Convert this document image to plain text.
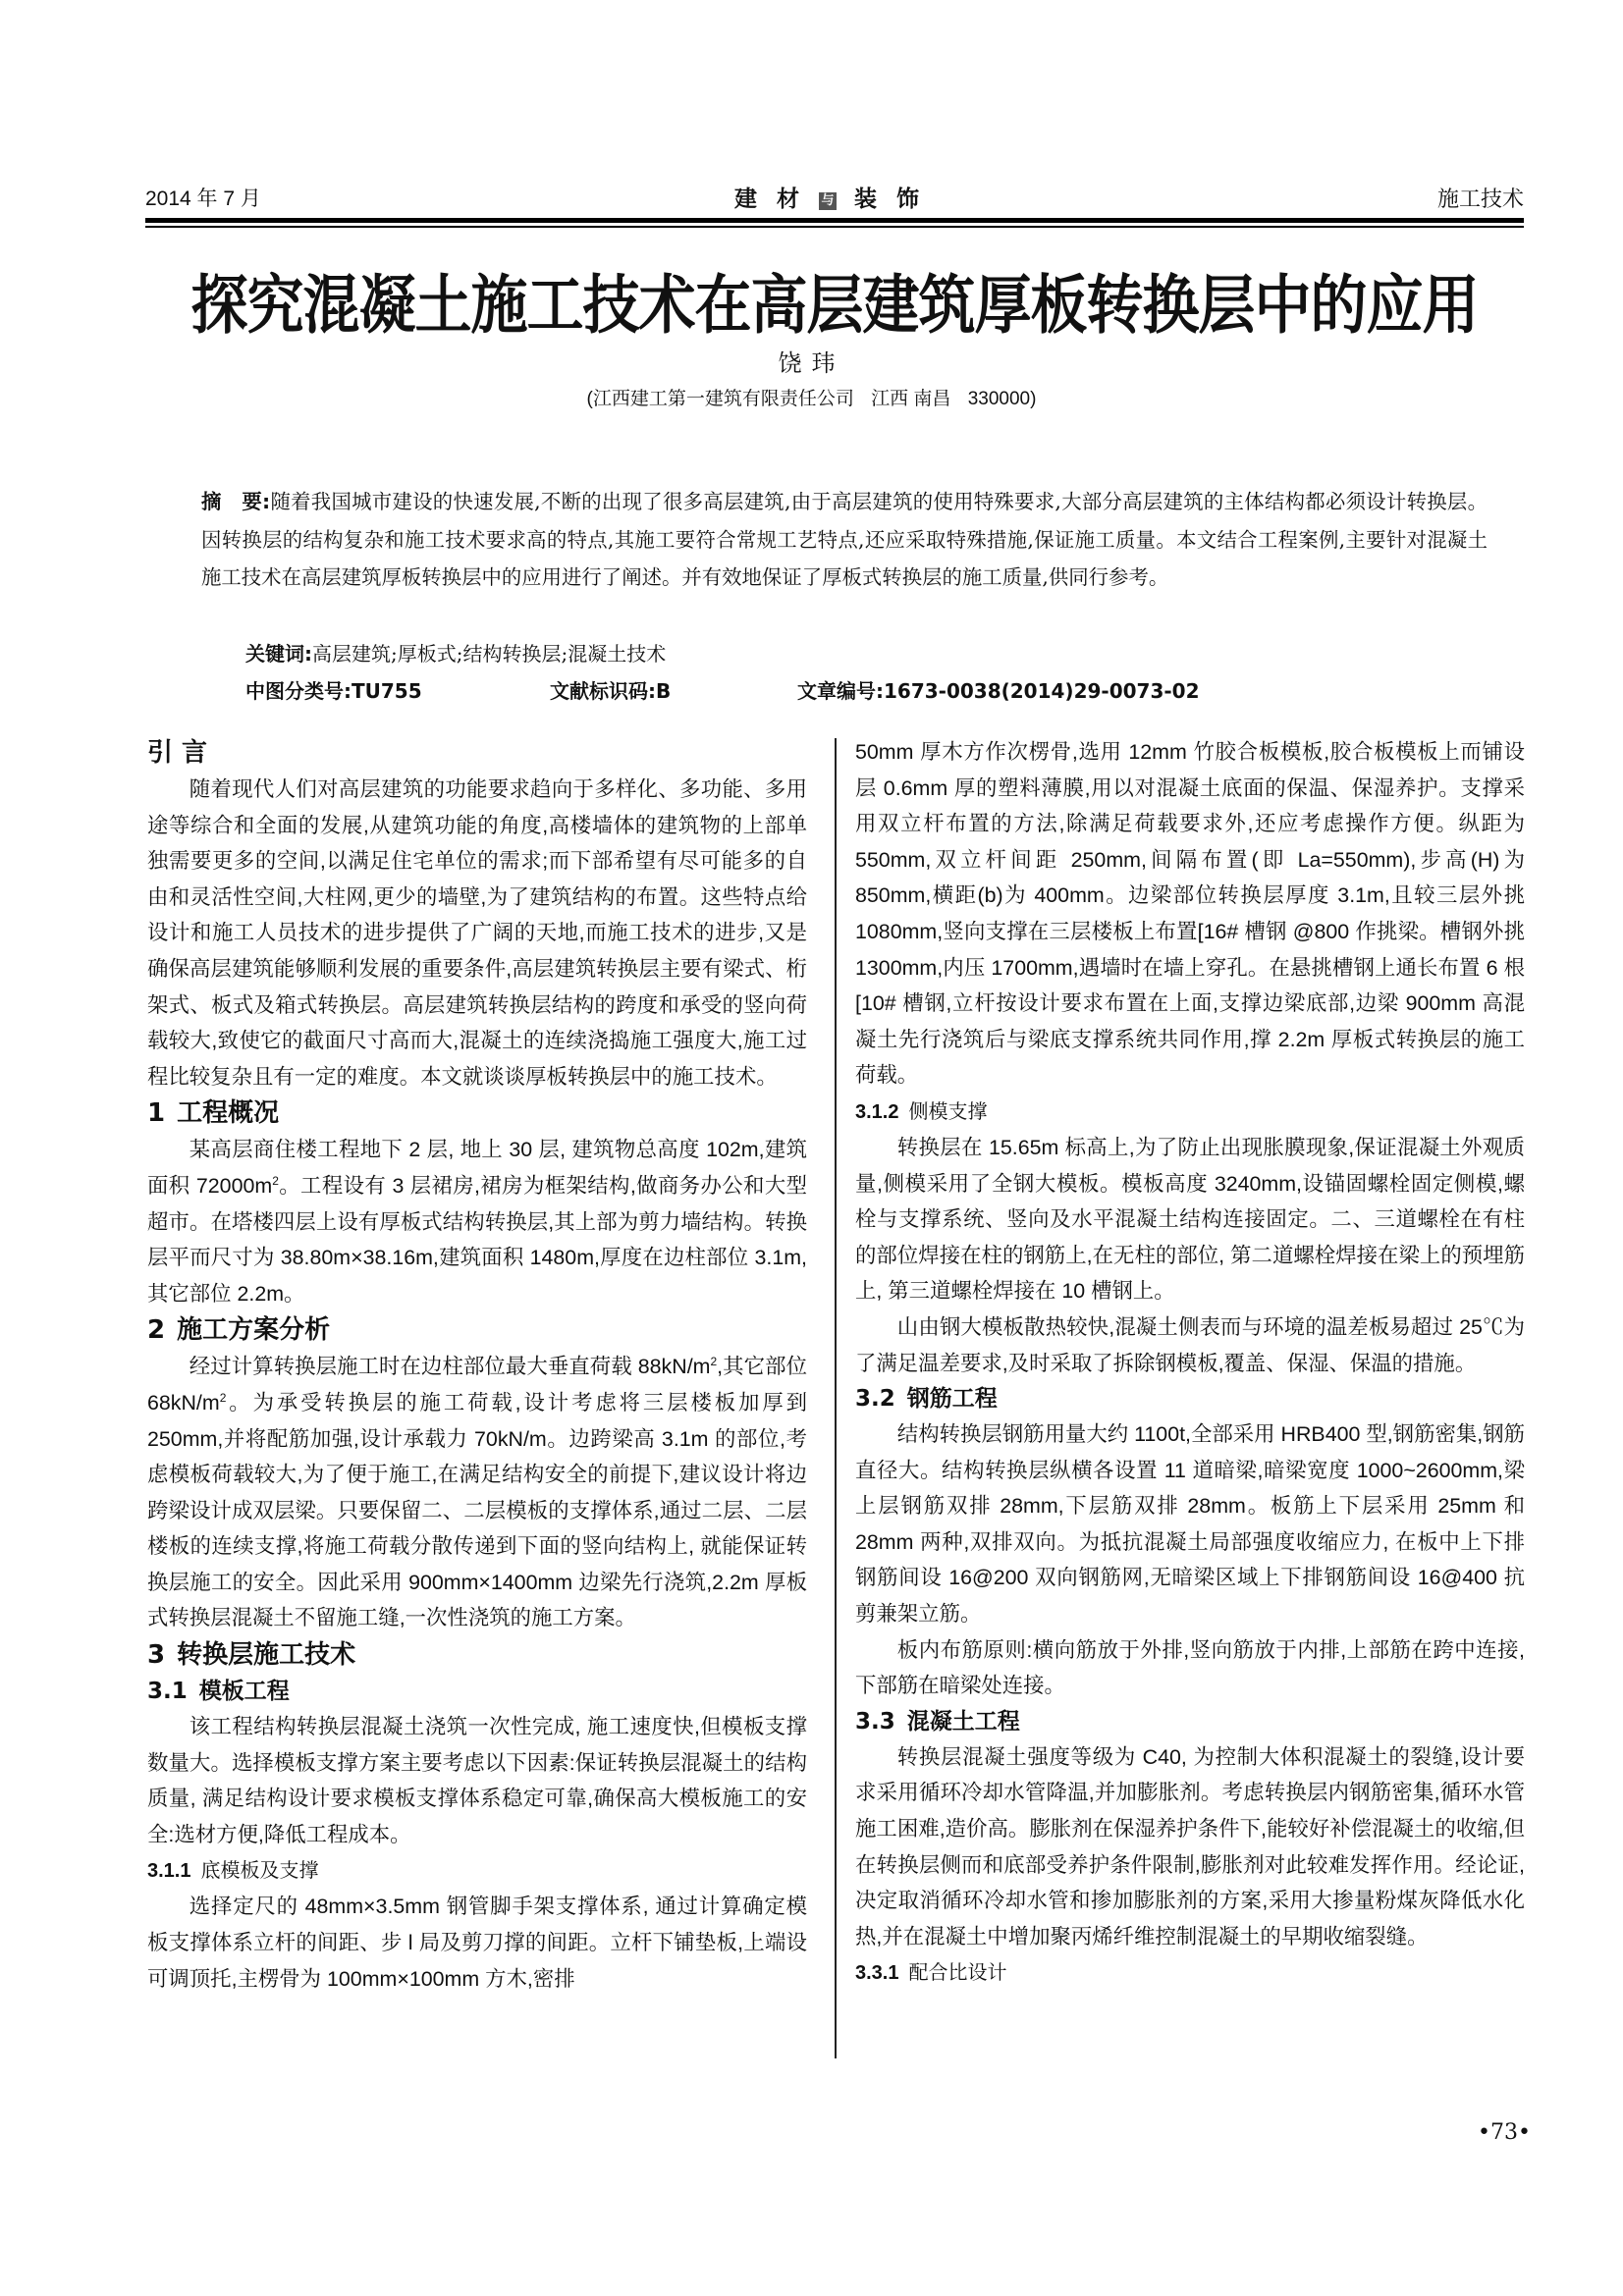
2014 年 7 月	建 材 与 装 饰	施工技术
探究混凝土施工技术在高层建筑厚板转换层中的应用
饶玮
(江西建工第一建筑有限责任公司 江西 南昌 330000)
摘　要:随着我国城市建设的快速发展,不断的出现了很多高层建筑,由于高层建筑的使用特殊要求,大部分高层建筑的主体结构都必须设计转换层。因转换层的结构复杂和施工技术要求高的特点,其施工要符合常规工艺特点,还应采取特殊措施,保证施工质量。本文结合工程案例,主要针对混凝土施工技术在高层建筑厚板转换层中的应用进行了阐述。并有效地保证了厚板式转换层的施工质量,供同行参考。
关键词:高层建筑;厚板式;结构转换层;混凝土技术
中图分类号:TU755	文献标识码:B	文章编号:1673-0038(2014)29-0073-02
引 言

随着现代人们对高层建筑的功能要求趋向于多样化、多功能、多用途等综合和全面的发展,从建筑功能的角度,高楼墙体的建筑物的上部单独需要更多的空间,以满足住宅单位的需求;而下部希望有尽可能多的自由和灵活性空间,大柱网,更少的墙壁,为了建筑结构的布置。这些特点给设计和施工人员技术的进步提供了广阔的天地,而施工技术的进步,又是确保高层建筑能够顺利发展的重要条件,高层建筑转换层主要有梁式、桁架式、板式及箱式转换层。高层建筑转换层结构的跨度和承受的竖向荷载较大,致使它的截面尺寸高而大,混凝土的连续浇捣施工强度大,施工过程比较复杂且有一定的难度。本文就谈谈厚板转换层中的施工技术。

1 工程概况

某高层商住楼工程地下 2 层, 地上 30 层, 建筑物总高度 102m,建筑面积 $72000m^2$。工程设有 3 层裙房,裙房为框架结构,做商务办公和大型超市。在塔楼四层上设有厚板式结构转换层,其上部为剪力墙结构。转换层平而尺寸为 38.80m×38.16m,建筑面积 1480m,厚度在边柱部位 3.1m,其它部位 2.2m。

2 施工方案分析

经过计算转换层施工时在边柱部位最大垂直荷载 $88kN/m^2$,其它部位 $68kN/m^2$。为承受转换层的施工荷载,设计考虑将三层楼板加厚到 250mm,并将配筋加强,设计承载力 70kN/m。边跨梁高 3.1m 的部位,考虑模板荷载较大,为了便于施工,在满足结构安全的前提下,建议设计将边跨梁设计成双层梁。只要保留二、二层模板的支撑体系,通过二层、二层楼板的连续支撑,将施工荷载分散传递到下面的竖向结构上, 就能保证转换层施工的安全。因此采用 900mm×1400mm 边梁先行浇筑,2.2m 厚板式转换层混凝土不留施工缝,一次性浇筑的施工方案。

3 转换层施工技术
3.1 模板工程

该工程结构转换层混凝土浇筑一次性完成, 施工速度快,但模板支撑数量大。选择模板支撑方案主要考虑以下因素:保证转换层混凝土的结构质量, 满足结构设计要求模板支撑体系稳定可靠,确保高大模板施工的安全:选材方便,降低工程成本。

3.1.1 底模板及支撑

选择定尺的 48mm×3.5mm 钢管脚手架支撑体系, 通过计算确定模板支撑体系立杆的间距、步 l 局及剪刀撑的间距。立杆下铺垫板,上端设可调顶托,主楞骨为 100mm×100mm 方木,密排

50mm 厚木方作次楞骨,选用 12mm 竹胶合板模板,胶合板模板上而铺设层 0.6mm 厚的塑料薄膜,用以对混凝土底面的保温、保湿养护。支撑采用双立杆布置的方法,除满足荷载要求外,还应考虑操作方便。纵距为 550mm,双立杆间距 250mm,间隔布置(即 La=550mm),步高(H)为 850mm,横距(b)为 400mm。边梁部位转换层厚度 3.1m,且较三层外挑 1080mm,竖向支撑在三层楼板上布置[16# 槽钢 @800 作挑梁。槽钢外挑 1300mm,内压 1700mm,遇墙时在墙上穿孔。在悬挑槽钢上通长布置 6 根[10# 槽钢,立杆按设计要求布置在上面,支撑边梁底部,边梁 900mm 高混凝土先行浇筑后与梁底支撑系统共同作用,撑 2.2m 厚板式转换层的施工荷载。

3.1.2 侧模支撑

转换层在 15.65m 标高上,为了防止出现胀膜现象,保证混凝土外观质量,侧模采用了全钢大模板。模板高度 3240mm,设锚固螺栓固定侧模,螺栓与支撑系统、竖向及水平混凝土结构连接固定。二、三道螺栓在有柱的部位焊接在柱的钢筋上,在无柱的部位, 第二道螺栓焊接在梁上的预埋筋上, 第三道螺栓焊接在 10 槽钢上。

山由钢大模板散热较快,混凝土侧表而与环境的温差板易超过 25℃为了满足温差要求,及时采取了拆除钢模板,覆盖、保湿、保温的措施。

3.2 钢筋工程

结构转换层钢筋用量大约 1100t,全部采用 HRB400 型,钢筋密集,钢筋直径大。结构转换层纵横各设置 11 道暗梁,暗梁宽度 1000~2600mm,梁上层钢筋双排 28mm,下层筋双排 28mm。板筋上下层采用 25mm 和 28mm 两种,双排双向。为抵抗混凝土局部强度收缩应力, 在板中上下排钢筋间设 16@200 双向钢筋网,无暗梁区域上下排钢筋间设 16@400 抗剪兼架立筋。

板内布筋原则:横向筋放于外排,竖向筋放于内排,上部筋在跨中连接,下部筋在暗梁处连接。

3.3 混凝土工程

转换层混凝土强度等级为 C40, 为控制大体积混凝土的裂缝,设计要求采用循环冷却水管降温,并加膨胀剂。考虑转换层内钢筋密集,循环水管施工困难,造价高。膨胀剂在保湿养护条件下,能较好补偿混凝土的收缩,但在转换层侧而和底部受养护条件限制,膨胀剂对此较难发挥作用。经论证,决定取消循环冷却水管和掺加膨胀剂的方案,采用大掺量粉煤灰降低水化热,并在混凝土中增加聚丙烯纤维控制混凝土的早期收缩裂缝。

3.3.1 配合比设计
•73•
